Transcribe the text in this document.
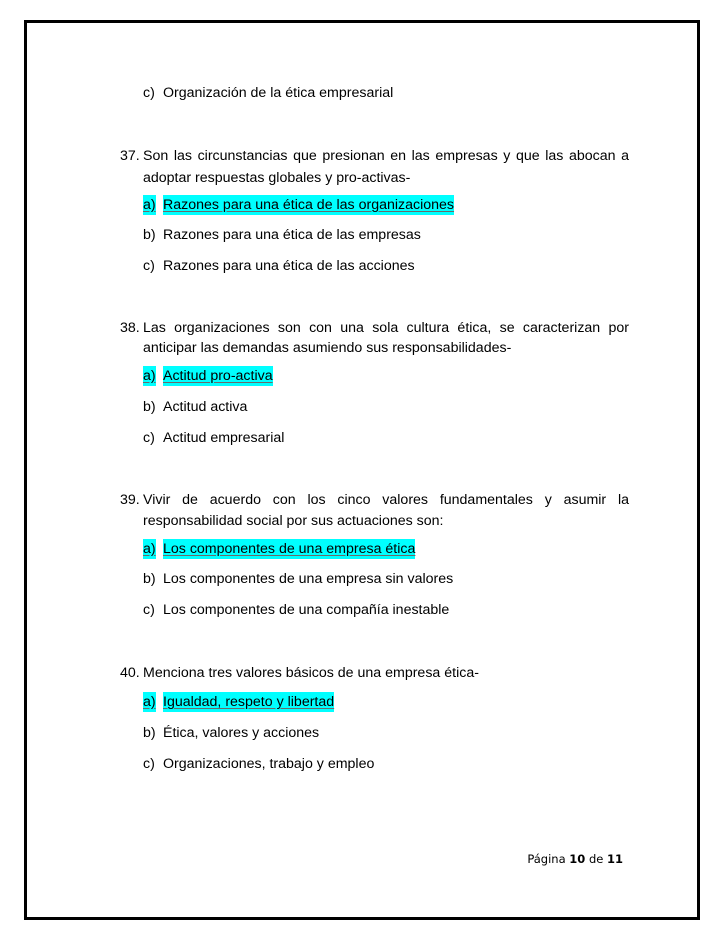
c) Organización de la ética empresarial
37. Son las circunstancias que presionan en las empresas y que las abocan a
adoptar respuestas globales y pro-activas-
a) Razones para una ética de las organizaciones
b) Razones para una ética de las empresas
c) Razones para una ética de las acciones
38. Las organizaciones son con una sola cultura ética, se caracterizan por
anticipar las demandas asumiendo sus responsabilidades-
a) Actitud pro-activa
b) Actitud activa
c) Actitud empresarial
39. Vivir de acuerdo con los cinco valores fundamentales y asumir la
responsabilidad social por sus actuaciones son:
a) Los componentes de una empresa ética
b) Los componentes de una empresa sin valores
c) Los componentes de una compañía inestable
40. Menciona tres valores básicos de una empresa ética-
a) Igualdad, respeto y libertad
b) Ética, valores y acciones
c) Organizaciones, trabajo y empleo
Página 10 de 11
